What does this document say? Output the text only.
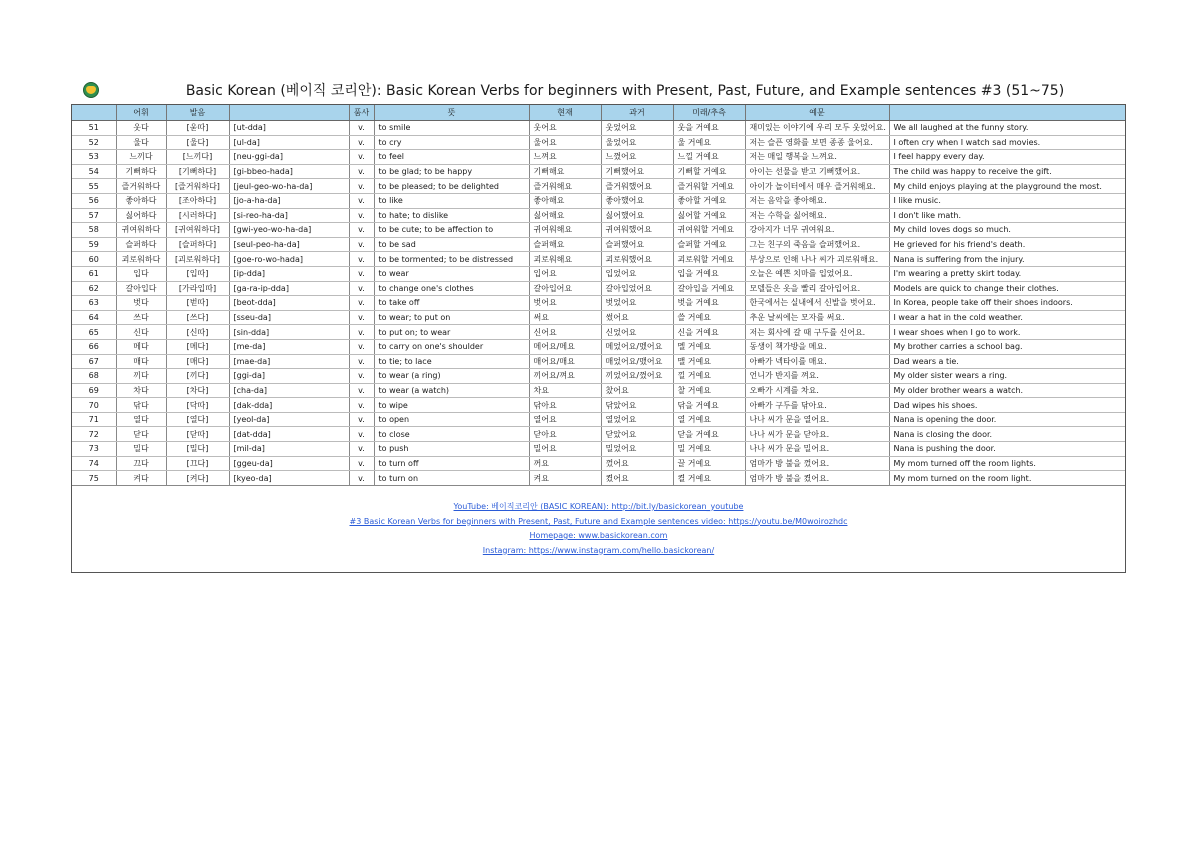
Basic Korean (베이직 코리안): Basic Korean Verbs for beginners with Present, Past, Future, and Example sentences #3 (51~75)
	어휘	발음		품사	뜻	현재	과거	미래/추측	예문	
51	웃다	[욷따]	[ut-dda]	v.	to smile	웃어요	웃었어요	웃을 거예요	재미있는 이야기에 우리 모두 웃었어요.	We all laughed at the funny story.
52	울다	[울다]	[ul-da]	v.	to cry	울어요	울었어요	울 거예요	저는 슬픈 영화를 보면 종종 울어요.	I often cry when I watch sad movies.
53	느끼다	[느끼다]	[neu-ggi-da]	v.	to feel	느껴요	느꼈어요	느낄 거예요	저는 매일 행복을 느껴요.	I feel happy every day.
54	기뻐하다	[기뻐하다]	[gi-bbeo-hada]	v.	to be glad; to be happy	기뻐해요	기뻐했어요	기뻐할 거예요	아이는 선물을 받고 기뻐했어요.	The child was happy to receive the gift.
55	즐거워하다	[즐거워하다]	[jeul-geo-wo-ha-da]	v.	to be pleased; to be delighted	즐거워해요	즐거워했어요	즐거워할 거예요	아이가 놀이터에서 매우 즐거워해요.	My child enjoys playing at the playground the most.
56	좋아하다	[조아하다]	[jo-a-ha-da]	v.	to like	좋아해요	좋아했어요	좋아할 거예요	저는 음악을 좋아해요.	I like music.
57	싫어하다	[시러하다]	[si-reo-ha-da]	v.	to hate; to dislike	싫어해요	싫어했어요	싫어할 거예요	저는 수학을 싫어해요.	I don't like math.
58	귀여워하다	[귀여워하다]	[gwi-yeo-wo-ha-da]	v.	to be cute; to be affection to	귀여워해요	귀여워했어요	귀여워할 거예요	강아지가 너무 귀여워요.	My child loves dogs so much.
59	슬퍼하다	[슬퍼하다]	[seul-peo-ha-da]	v.	to be sad	슬퍼해요	슬퍼했어요	슬퍼할 거예요	그는 친구의 죽음을 슬퍼했어요.	He grieved for his friend's death.
60	괴로워하다	[괴로워하다]	[goe-ro-wo-hada]	v.	to be tormented; to be distressed	괴로워해요	괴로워했어요	괴로워할 거예요	부상으로 인해 나나 씨가 괴로워해요.	Nana is suffering from the injury.
61	입다	[입따]	[ip-dda]	v.	to wear	입어요	입었어요	입을 거예요	오늘은 예쁜 치마를 입었어요.	I'm wearing a pretty skirt today.
62	갈아입다	[가라입따]	[ga-ra-ip-dda]	v.	to change one's clothes	갈아입어요	갈아입었어요	갈아입을 거예요	모델들은 옷을 빨리 갈아입어요.	Models are quick to change their clothes.
63	벗다	[벋따]	[beot-dda]	v.	to take off	벗어요	벗었어요	벗을 거예요	한국에서는 실내에서 신발을 벗어요.	In Korea, people take off their shoes indoors.
64	쓰다	[쓰다]	[sseu-da]	v.	to wear; to put on	써요	썼어요	쓸 거예요	추운 날씨에는 모자를 써요.	I wear a hat in the cold weather.
65	신다	[신따]	[sin-dda]	v.	to put on; to wear	신어요	신었어요	신을 거예요	저는 회사에 갈 때 구두를 신어요.	I wear shoes when I go to work.
66	메다	[메다]	[me-da]	v.	to carry on one's shoulder	메어요/메요	메었어요/멨어요	멜 거예요	동생이 책가방을 메요.	My brother carries a school bag.
67	매다	[매다]	[mae-da]	v.	to tie; to lace	매어요/매요	매었어요/맸어요	맬 거예요	아빠가 넥타이를 매요.	Dad wears a tie.
68	끼다	[끼다]	[ggi-da]	v.	to wear (a ring)	끼어요/껴요	끼었어요/꼈어요	낄 거예요	언니가 반지를 껴요.	My older sister wears a ring.
69	차다	[차다]	[cha-da]	v.	to wear (a watch)	차요	찼어요	찰 거예요	오빠가 시계를 차요.	My older brother wears a watch.
70	닦다	[닥따]	[dak-dda]	v.	to wipe	닦아요	닦았어요	닦을 거예요	아빠가 구두를 닦아요.	Dad wipes his shoes.
71	열다	[열다]	[yeol-da]	v.	to open	열어요	열었어요	열 거예요	나나 씨가 문을 열어요.	Nana is opening the door.
72	닫다	[닫따]	[dat-dda]	v.	to close	닫아요	닫았어요	닫을 거예요	나나 씨가 문을 닫아요.	Nana is closing the door.
73	밀다	[밀다]	[mil-da]	v.	to push	밀어요	밀었어요	밀 거예요	나나 씨가 문을 밀어요.	Nana is pushing the door.
74	끄다	[끄다]	[ggeu-da]	v.	to turn off	꺼요	껐어요	끌 거예요	엄마가 방 불을 껐어요.	My mom turned off the room lights.
75	켜다	[켜다]	[kyeo-da]	v.	to turn on	켜요	켰어요	켤 거예요	엄마가 방 불을 켰어요.	My mom turned on the room light.
YouTube: 베이직코리안 (BASIC KOREAN): http://bit.ly/basickorean_youtube
#3 Basic Korean Verbs for beginners with Present, Past, Future and Example sentences video: https://youtu.be/M0woirozhdc
Homepage: www.basickorean.com
Instagram: https://www.instagram.com/hello.basickorean/
